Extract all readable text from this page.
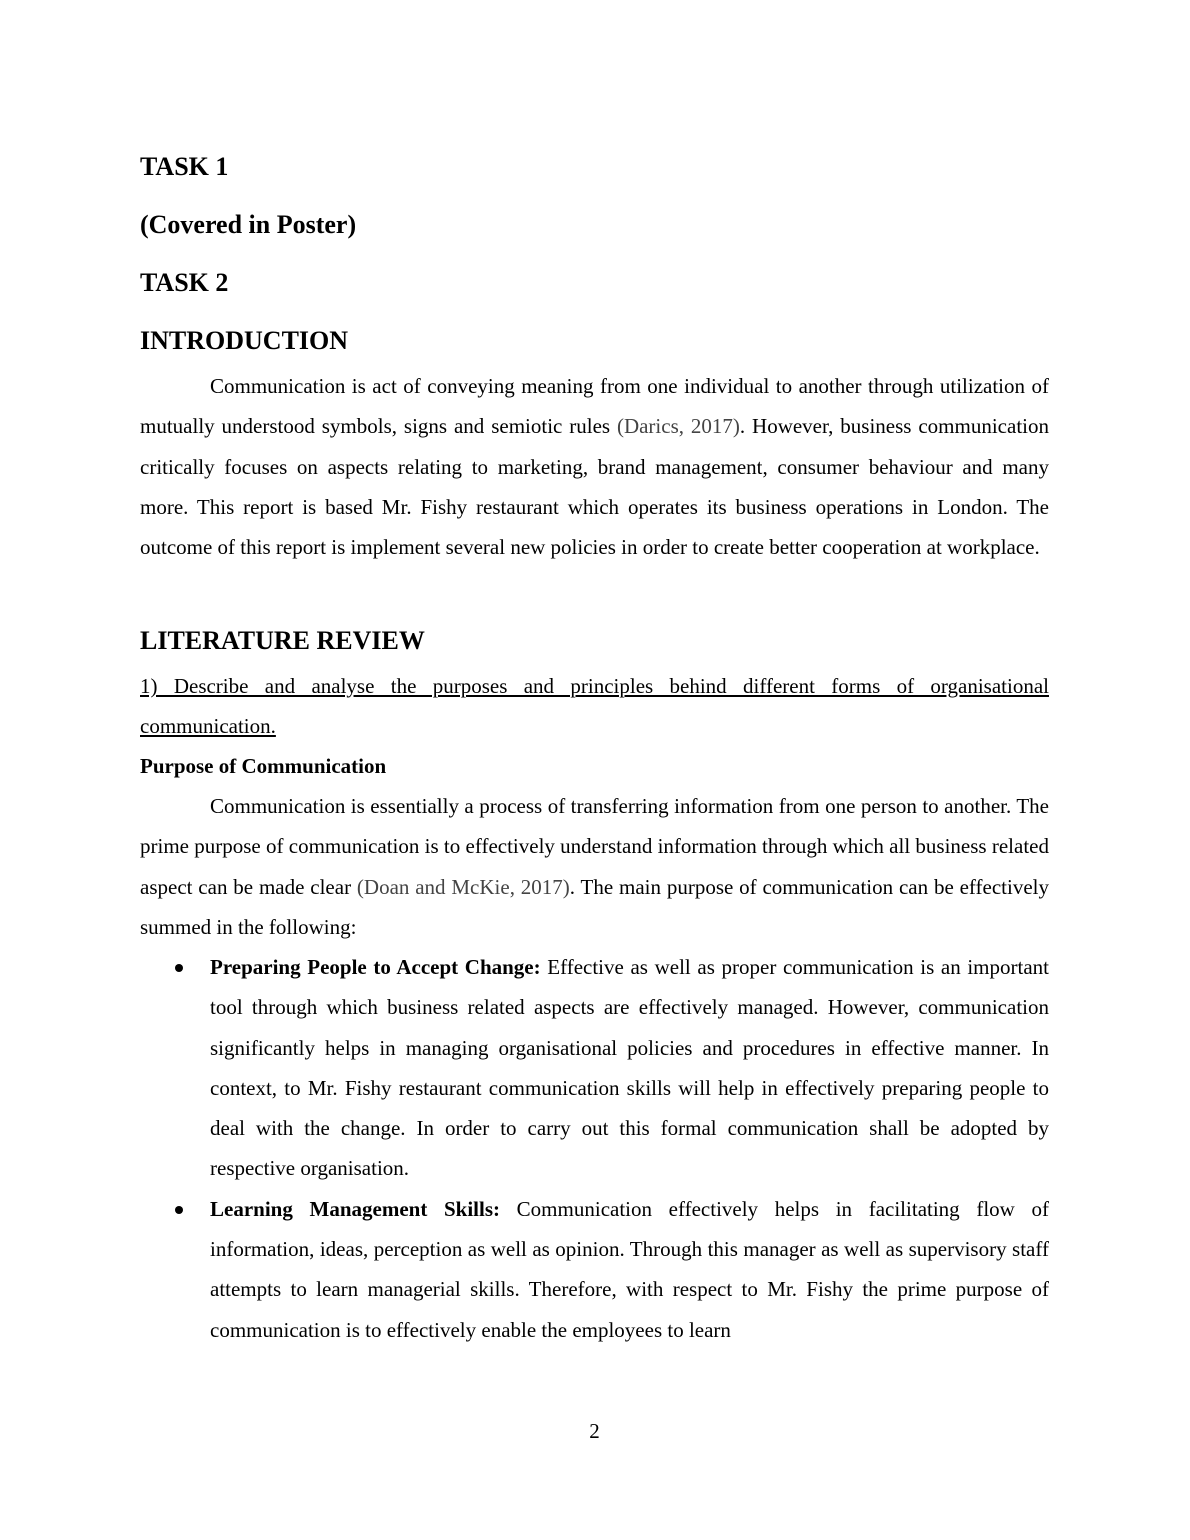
TASK 1
(Covered in Poster)
TASK 2
INTRODUCTION

Communication is act of conveying meaning from one individual to another through utilization of mutually understood symbols, signs and semiotic rules (Darics, 2017). However, business communication critically focuses on aspects relating to marketing, brand management, consumer behaviour and many more. This report is based Mr. Fishy restaurant which operates its business operations in London. The outcome of this report is implement several new policies in order to create better cooperation at workplace.

LITERATURE REVIEW

1) Describe and analyse the purposes and principles behind different forms of organisational communication.

Purpose of Communication

Communication is essentially a process of transferring information from one person to another. The prime purpose of communication is to effectively understand information through which all business related aspect can be made clear (Doan and McKie, 2017). The main purpose of communication can be effectively summed in the following:

Preparing People to Accept Change: Effective as well as proper communication is an important tool through which business related aspects are effectively managed. However, communication significantly helps in managing organisational policies and procedures in effective manner. In context, to Mr. Fishy restaurant communication skills will help in effectively preparing people to deal with the change. In order to carry out this formal communication shall be adopted by respective organisation.
Learning Management Skills: Communication effectively helps in facilitating flow of information, ideas, perception as well as opinion. Through this manager as well as supervisory staff attempts to learn managerial skills. Therefore, with respect to Mr. Fishy the prime purpose of communication is to effectively enable the employees to learn
2
